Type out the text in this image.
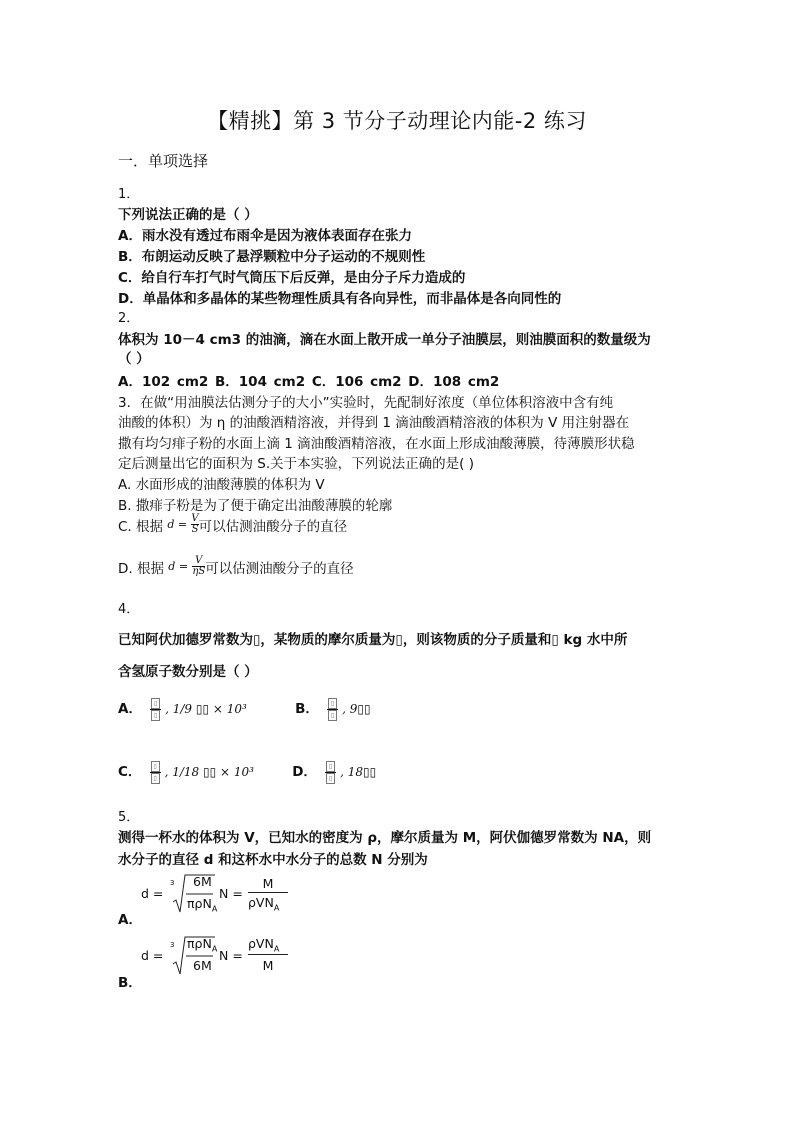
【精挑】第 3 节分子动理论内能-2 练习
一．单项选择
1．
下列说法正确的是（ ）
A．雨水没有透过布雨伞是因为液体表面存在张力
B．布朗运动反映了悬浮颗粒中分子运动的不规则性
C．给自行车打气时气筒压下后反弹，是由分子斥力造成的
D．单晶体和多晶体的某些物理性质具有各向异性，而非晶体是各向同性的
2．
体积为 10－4 cm3 的油滴，滴在水面上散开成一单分子油膜层，则油膜面积的数量级为
（ ）
A．102 cm2 B．104 cm2 C．106 cm2 D．108 cm2
3．在做“用油膜法估测分子的大小”实验时，先配制好浓度（单位体积溶液中含有纯
油酸的体积）为 η 的油酸酒精溶液，并得到 1 滴油酸酒精溶液的体积为 V 用注射器在
撒有均匀痱子粉的水面上滴 1 滴油酸酒精溶液，在水面上形成油酸薄膜，待薄膜形状稳
定后测量出它的面积为 S.关于本实验，下列说法正确的是( )
A. 水面形成的油酸薄膜的体积为 V
B. 撒痱子粉是为了便于确定出油酸薄膜的轮廓
C. 根据 $d = \frac{V}{S}$ 可以估测油酸分子的直径
D. 根据 $d = \frac{V}{\eta S}$ 可以估测油酸分子的直径
4．
已知阿伏加德罗常数为▯，某物质的摩尔质量为▯，则该物质的分子质量和▯ kg 水中所
含氢原子数分别是（ ）
A． $\frac{▯}{▯}$ , 1/9 ▯▯ × 10³	B． $\frac{▯}{▯}$ , 9▯▯
C． $\frac{▯}{▯}$ , 1/18 ▯▯ × 10³	D． $\frac{▯}{▯}$ , 18▯▯
5．
测得一杯水的体积为 V，已知水的密度为 ρ，摩尔质量为 M，阿伏伽德罗常数为 NA，则
水分子的直径 d 和这杯水中水分子的总数 N 分别为
A．
d =
3 6M
πρN$_A$
N =
M
ρVN$_A$
B．
d =
3 πρN$_A$
6M
N =
ρVN$_A$
M
